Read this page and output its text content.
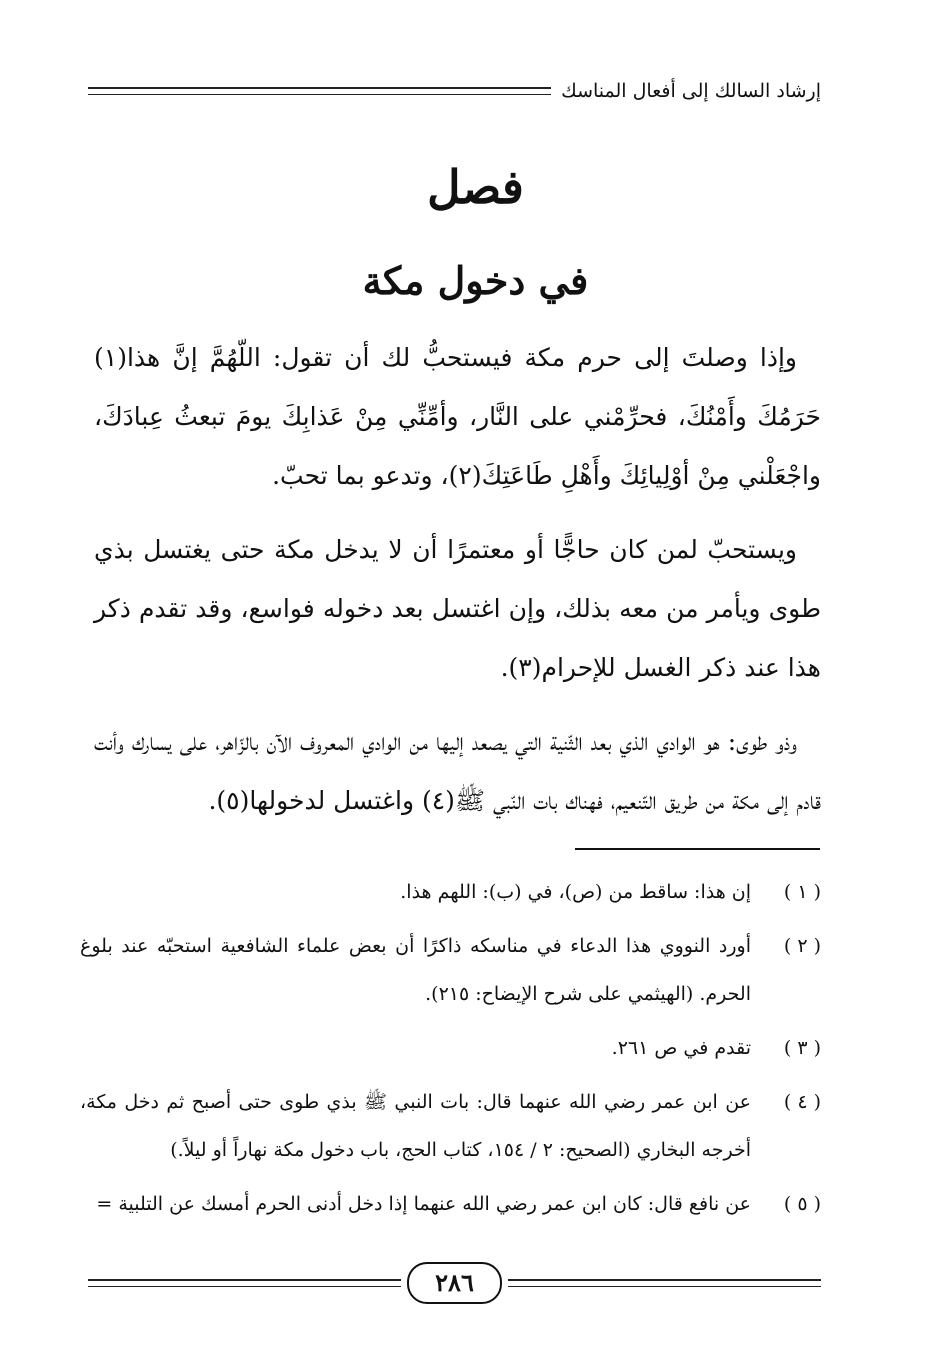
إرشاد السالك إلى أفعال المناسك
فصل
في دخول مكة

وإذا وصلتَ إلى حرم مكة فيستحبُّ لك أن تقول: اللّهُمَّ إنَّ هذا(١) حَرَمُكَ وأَمْنُكَ، فحرِّمْني على النَّار، وأمِّنِّي مِنْ عَذابِكَ يومَ تبعثُ عِبادَكَ، واجْعَلْني مِنْ أوْلِيائِكَ وأَهْلِ طَاعَتِكَ(٢)، وتدعو بما تحبّ.

ويستحبّ لمن كان حاجًّا أو معتمرًا أن لا يدخل مكة حتى يغتسل بذي طوى ويأمر من معه بذلك، وإن اغتسل بعد دخوله فواسع، وقد تقدم ذكر هذا عند ذكر الغسل للإحرام(٣).

وذو طوى: هو الوادي الذي بعد الثّنية التي يصعد إليها من الوادي المعروف الآن بالزّاهر، على يسارك وأنت قادم إلى مكة من طريق التّنعيم، فهناك بات النّبي ﷺ(٤) واغتسل لدخولها(٥).

( ١ )
إن هذا: ساقط من (ص)، في (ب): اللهم هذا.
( ٢ )
أورد النووي هذا الدعاء في مناسكه ذاكرًا أن بعض علماء الشافعية استحبّه عند بلوغ الحرم. (الهيثمي على شرح الإيضاح: ٢١٥).
( ٣ )
تقدم في ص ٢٦١.
( ٤ )
عن ابن عمر رضي الله عنهما قال: بات النبي ﷺ بذي طوى حتى أصبح ثم دخل مكة، أخرجه البخاري (الصحيح: ٢ / ١٥٤، كتاب الحج، باب دخول مكة نهاراً أو ليلاً.)
( ٥ )
عن نافع قال: كان ابن عمر رضي الله عنهما إذا دخل أدنى الحرم أمسك عن التلبية =
٢٨٦
